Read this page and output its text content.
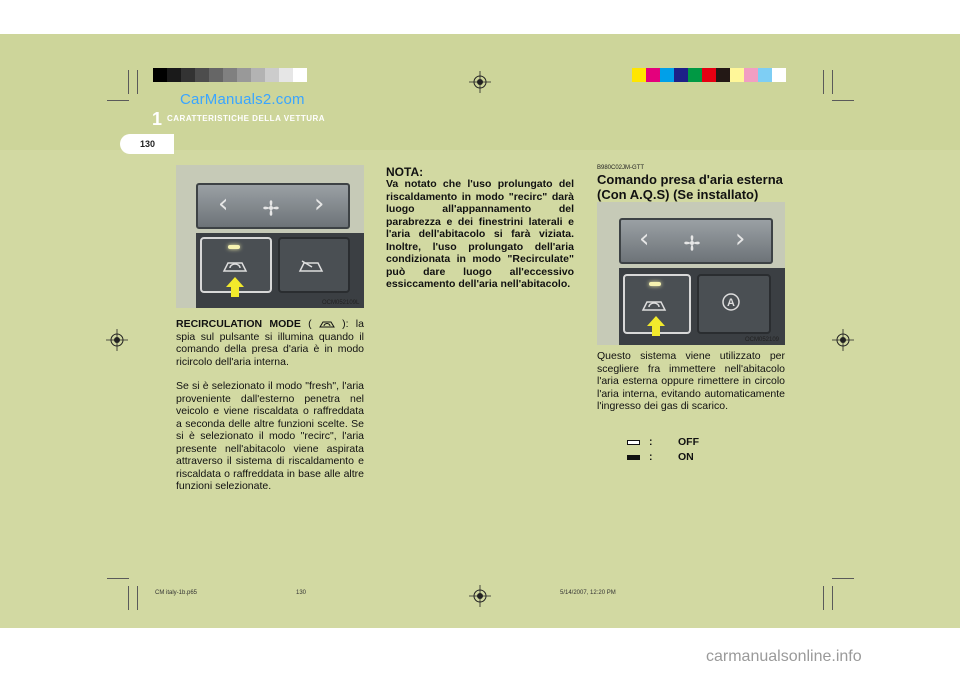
CarManuals2.com
1 CARATTERISTICHE DELLA VETTURA
130
‹	›
OCM052109L
RECIRCULATION MODE (	): la spia sul pulsante si illumina quando il comando della presa d'aria è in modo ricircolo dell'aria interna.
Se si è selezionato il modo "fresh", l'aria proveniente dall'esterno penetra nel veicolo e viene riscaldata o raffreddata a seconda delle altre funzioni scelte. Se si è selezionato il modo "recirc", l'aria presente nell'abitacolo viene aspirata attraverso il sistema di riscaldamento e riscaldata o raffreddata in base alle altre funzioni selezionate.
NOTA:
Va notato che l'uso prolungato del riscaldamento in modo "recirc" darà luogo all'appannamento del parabrezza e dei finestrini laterali e l'aria dell'abitacolo si farà viziata. Inoltre, l'uso prolungato dell'aria condizionata in modo "Recirculate" può dare luogo all'eccessivo essiccamento dell'aria nell'abitacolo.
B980C02JM-GTT
Comando presa d'aria esterna (Con A.Q.S) (Se installato)
‹	›
A
OCM052109
Questo sistema viene utilizzato per scegliere fra immettere nell'abitacolo l'aria esterna oppure rimettere in circolo l'aria interna, evitando automaticamente l'ingresso dei gas di scarico.
: OFF
: ON
CM italy-1b.p65	130	5/14/2007, 12:20 PM
carmanualsonline.info
